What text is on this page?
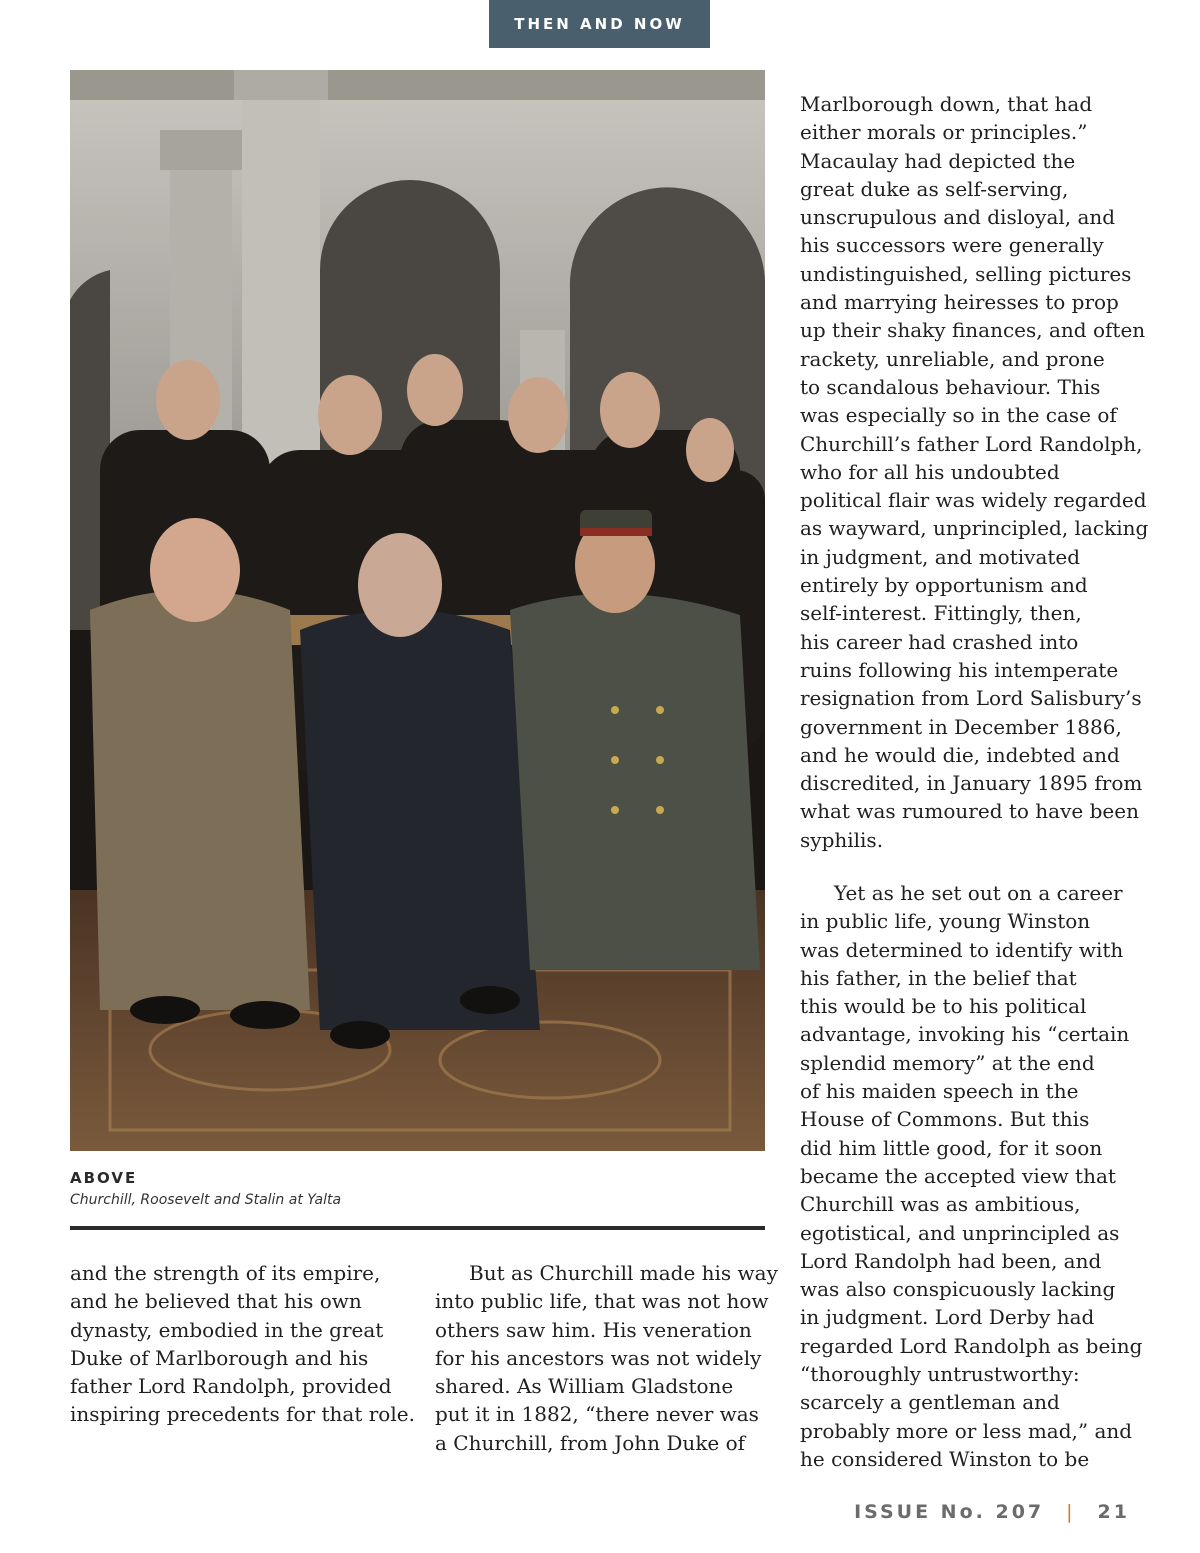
THEN AND NOW
ABOVE
Churchill, Roosevelt and Stalin at Yalta

and the strength of its empire,
and he believed that his own
dynasty, embodied in the great
Duke of Marlborough and his
father Lord Randolph, provided
inspiring precedents for that role.

But as Churchill made his way
into public life, that was not how
others saw him. His veneration
for his ancestors was not widely
shared. As William Gladstone
put it in 1882, “there never was
a Churchill, from John Duke of

Marlborough down, that had
either morals or principles.”
Macaulay had depicted the
great duke as self-serving,
unscrupulous and disloyal, and
his successors were generally
undistinguished, selling pictures
and marrying heiresses to prop
up their shaky finances, and often
rackety, unreliable, and prone
to scandalous behaviour. This
was especially so in the case of
Churchill’s father Lord Randolph,
who for all his undoubted
political flair was widely regarded
as wayward, unprincipled, lacking
in judgment, and motivated
entirely by opportunism and
self-interest. Fittingly, then,
his career had crashed into
ruins following his intemperate
resignation from Lord Salisbury’s
government in December 1886,
and he would die, indebted and
discredited, in January 1895 from
what was rumoured to have been
syphilis.

Yet as he set out on a career
in public life, young Winston
was determined to identify with
his father, in the belief that
this would be to his political
advantage, invoking his “certain
splendid memory” at the end
of his maiden speech in the
House of Commons. But this
did him little good, for it soon
became the accepted view that
Churchill was as ambitious,
egotistical, and unprincipled as
Lord Randolph had been, and
was also conspicuously lacking
in judgment. Lord Derby had
regarded Lord Randolph as being
“thoroughly untrustworthy:
scarcely a gentleman and
probably more or less mad,” and
he considered Winston to be

ISSUE No. 207 | 21
